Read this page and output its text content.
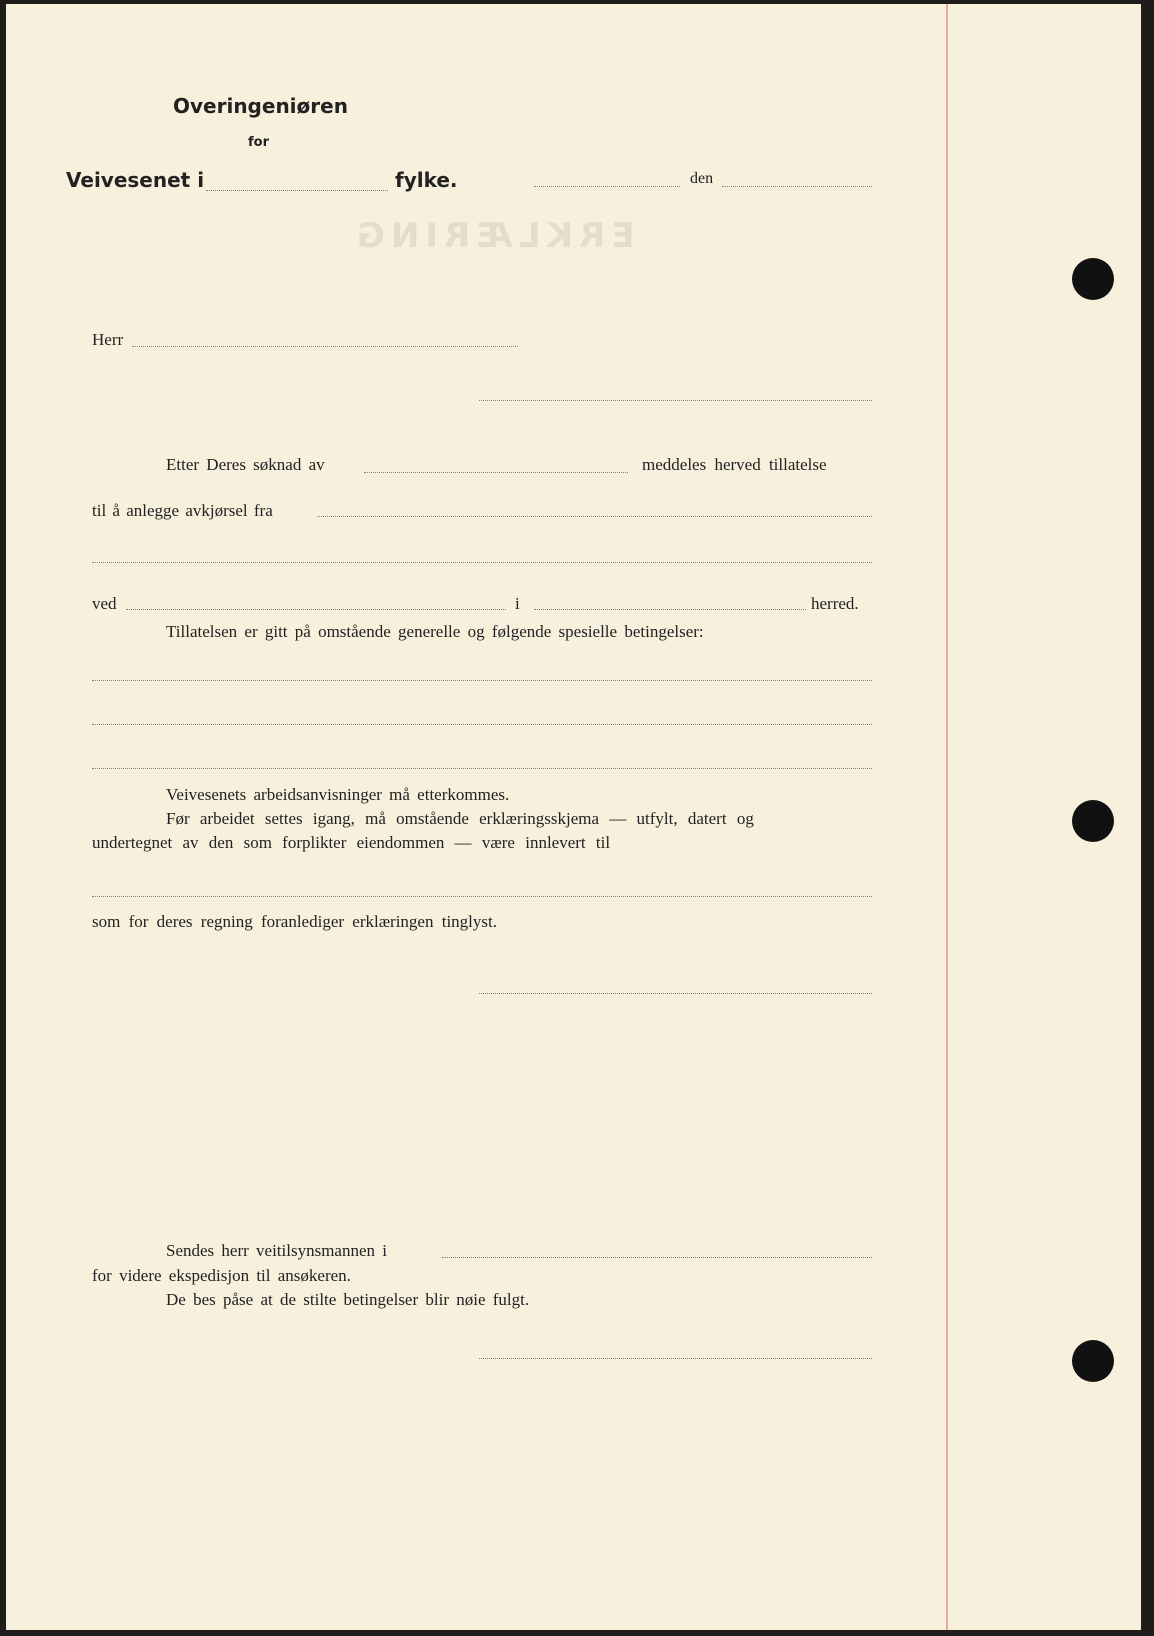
ERKLÆRING
Overingeniøren
for
Veivesenet i	fylke.	den
Herr
Etter Deres søknad av	meddeles herved tillatelse
til å anlegge avkjørsel fra
ved	i	herred.
Tillatelsen er gitt på omstående generelle og følgende spesielle betingelser:
Veivesenets arbeidsanvisninger må etterkommes.
Før arbeidet settes igang, må omstående erklæringsskjema — utfylt, datert og
undertegnet av den som forplikter eiendommen — være innlevert til
som for deres regning foranlediger erklæringen tinglyst.
Sendes herr veitilsynsmannen i
for videre ekspedisjon til ansøkeren.
De bes påse at de stilte betingelser blir nøie fulgt.
